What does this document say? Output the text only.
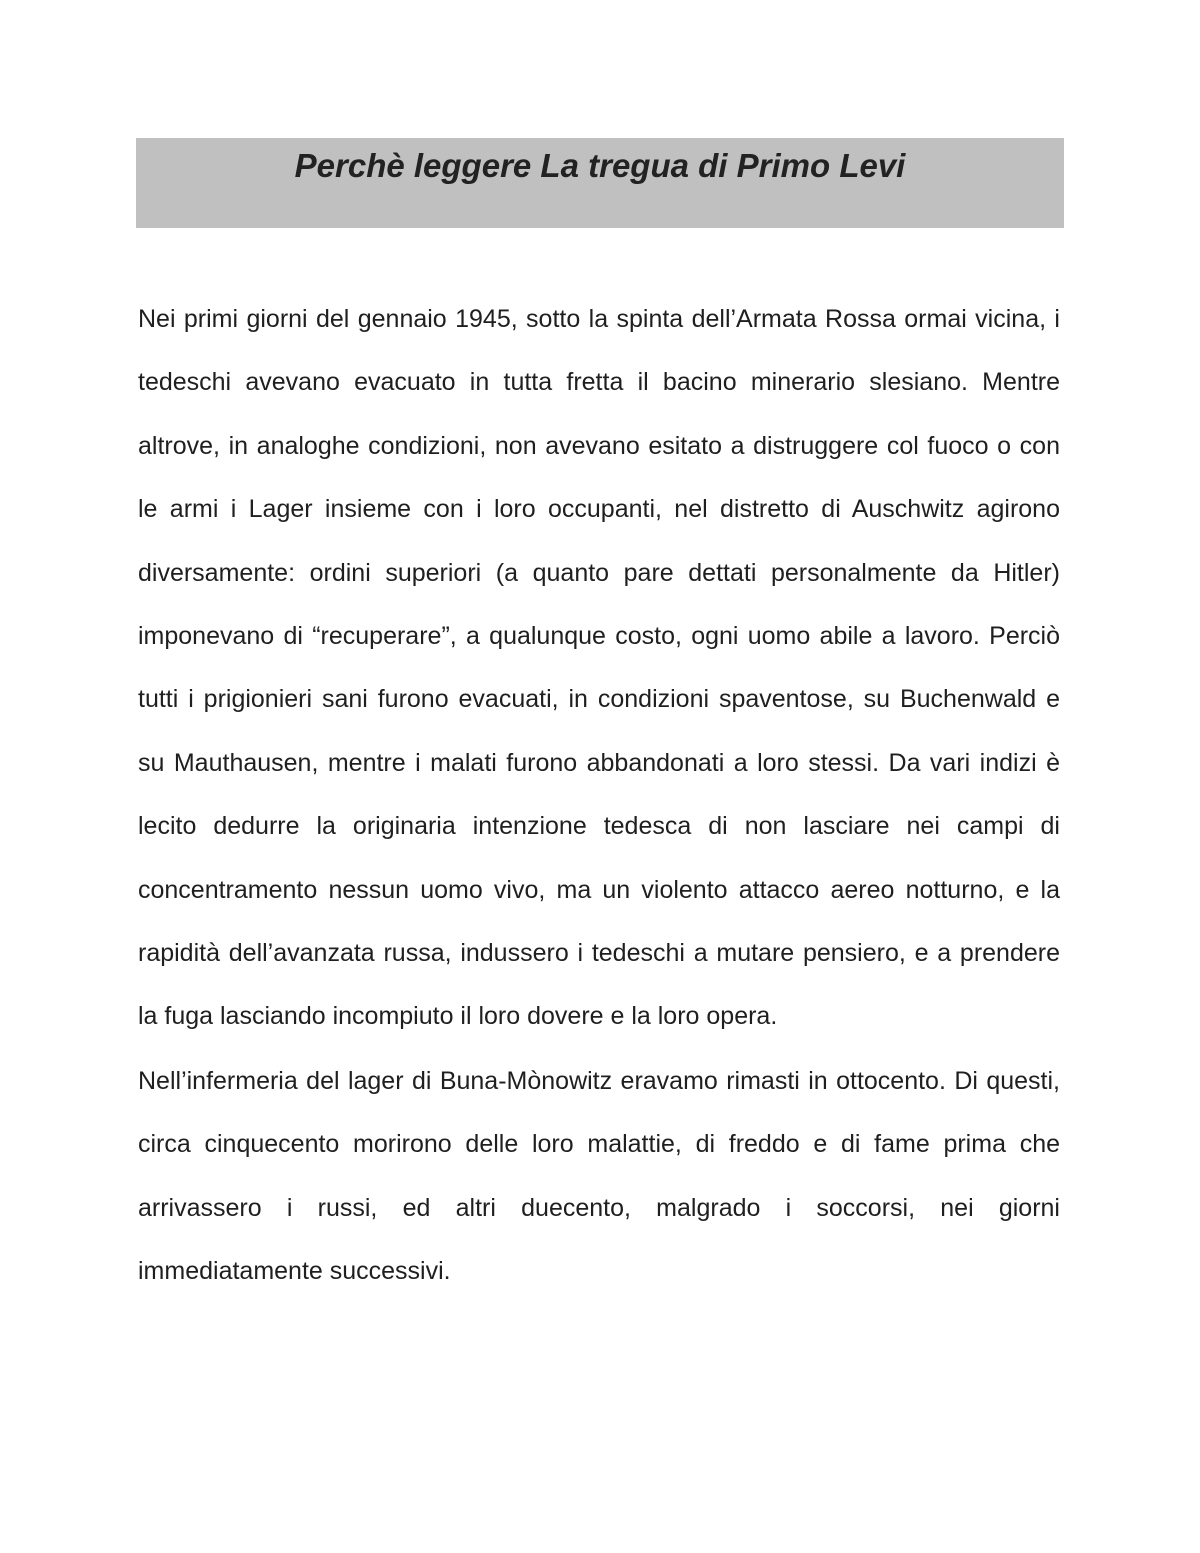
Perchè leggere La tregua di Primo Levi

Nei primi giorni del gennaio 1945, sotto la spinta dell’Armata Rossa ormai vicina, i tedeschi avevano evacuato in tutta fretta il bacino minerario slesiano. Mentre altrove, in analoghe condizioni, non avevano esitato a distruggere col fuoco o con le armi i Lager insieme con i loro occupanti, nel distretto di Auschwitz agirono diversamente: ordini superiori (a quanto pare dettati personalmente da Hitler) imponevano di “recuperare”, a qualunque costo, ogni uomo abile a lavoro. Perciò tutti i prigionieri sani furono evacuati, in condizioni spaventose, su Buchenwald e su Mauthausen, mentre i malati furono abbandonati a loro stessi. Da vari indizi è lecito dedurre la originaria intenzione tedesca di non lasciare nei campi di concentramento nessun uomo vivo, ma un violento attacco aereo notturno, e la rapidità dell’avanzata russa, indussero i tedeschi a mutare pensiero, e a prendere la fuga lasciando incompiuto il loro dovere e la loro opera.

Nell’infermeria del lager di Buna-Mònowitz eravamo rimasti in ottocento. Di questi, circa cinquecento morirono delle loro malattie, di freddo e di fame prima che arrivassero i russi, ed altri duecento, malgrado i soccorsi, nei giorni immediatamente successivi.
